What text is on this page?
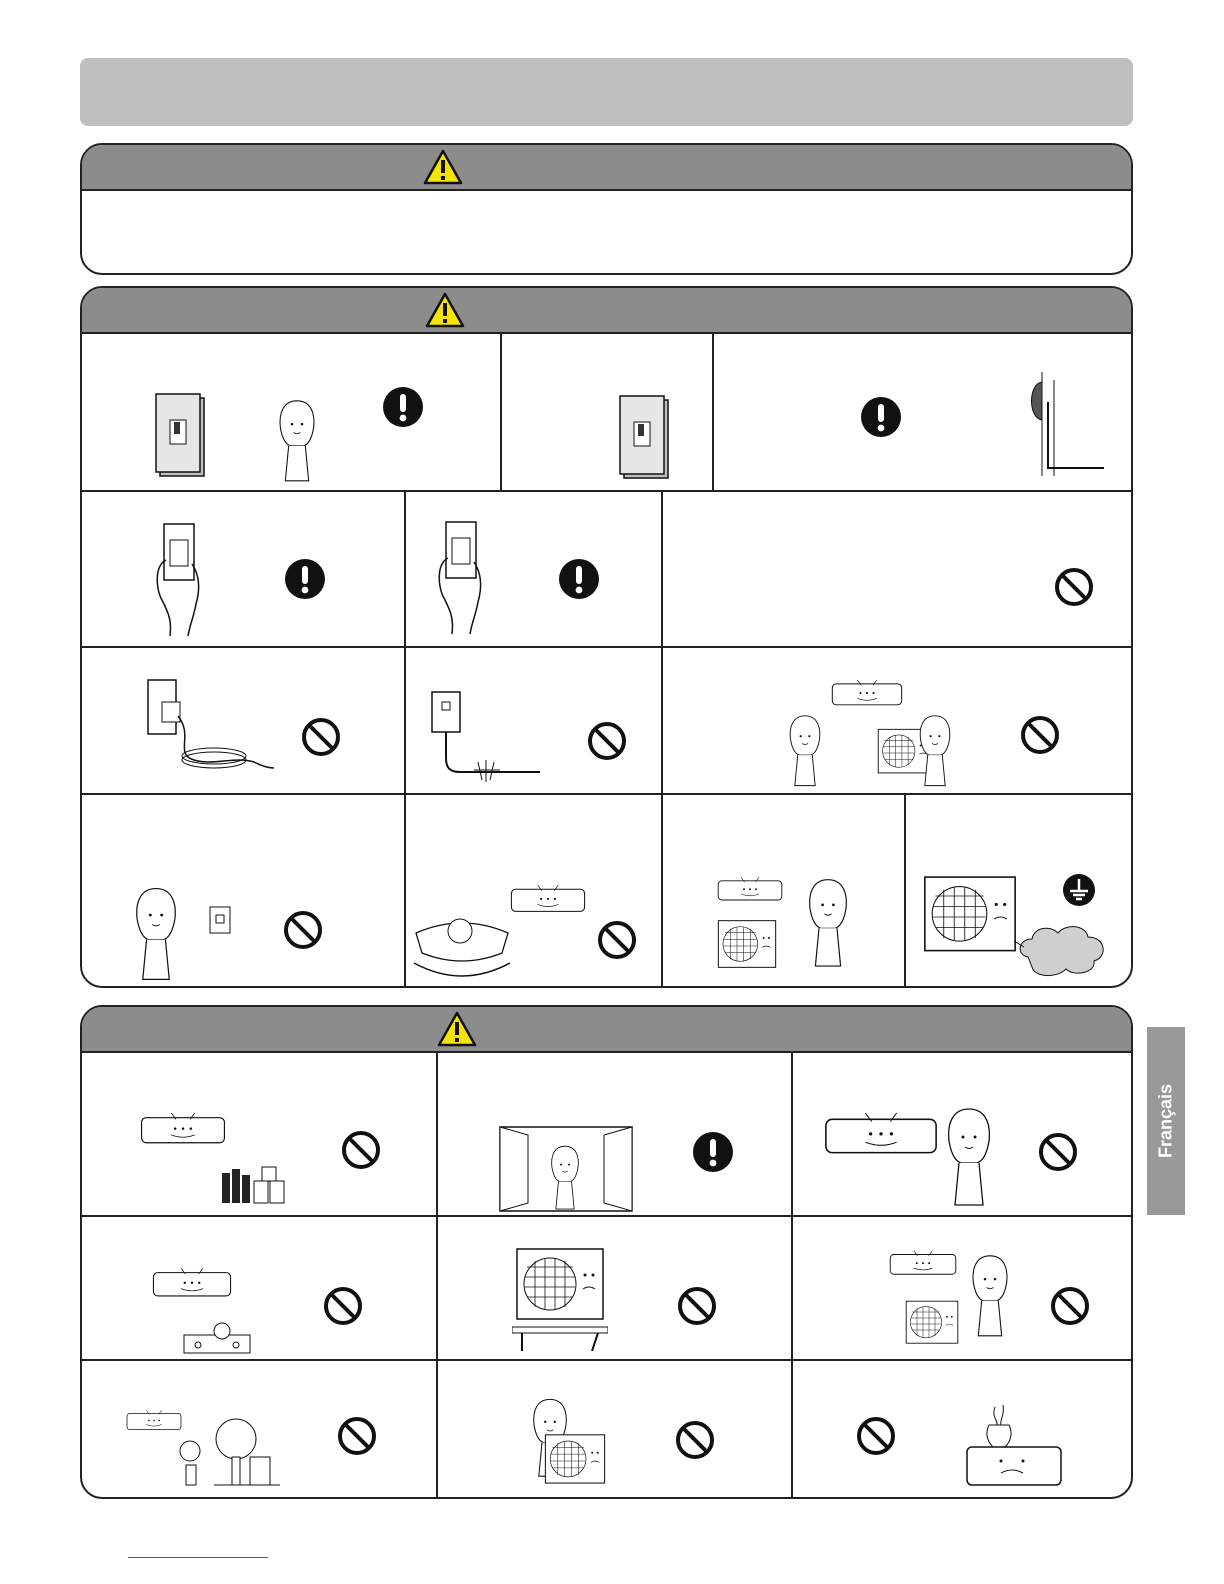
Français
